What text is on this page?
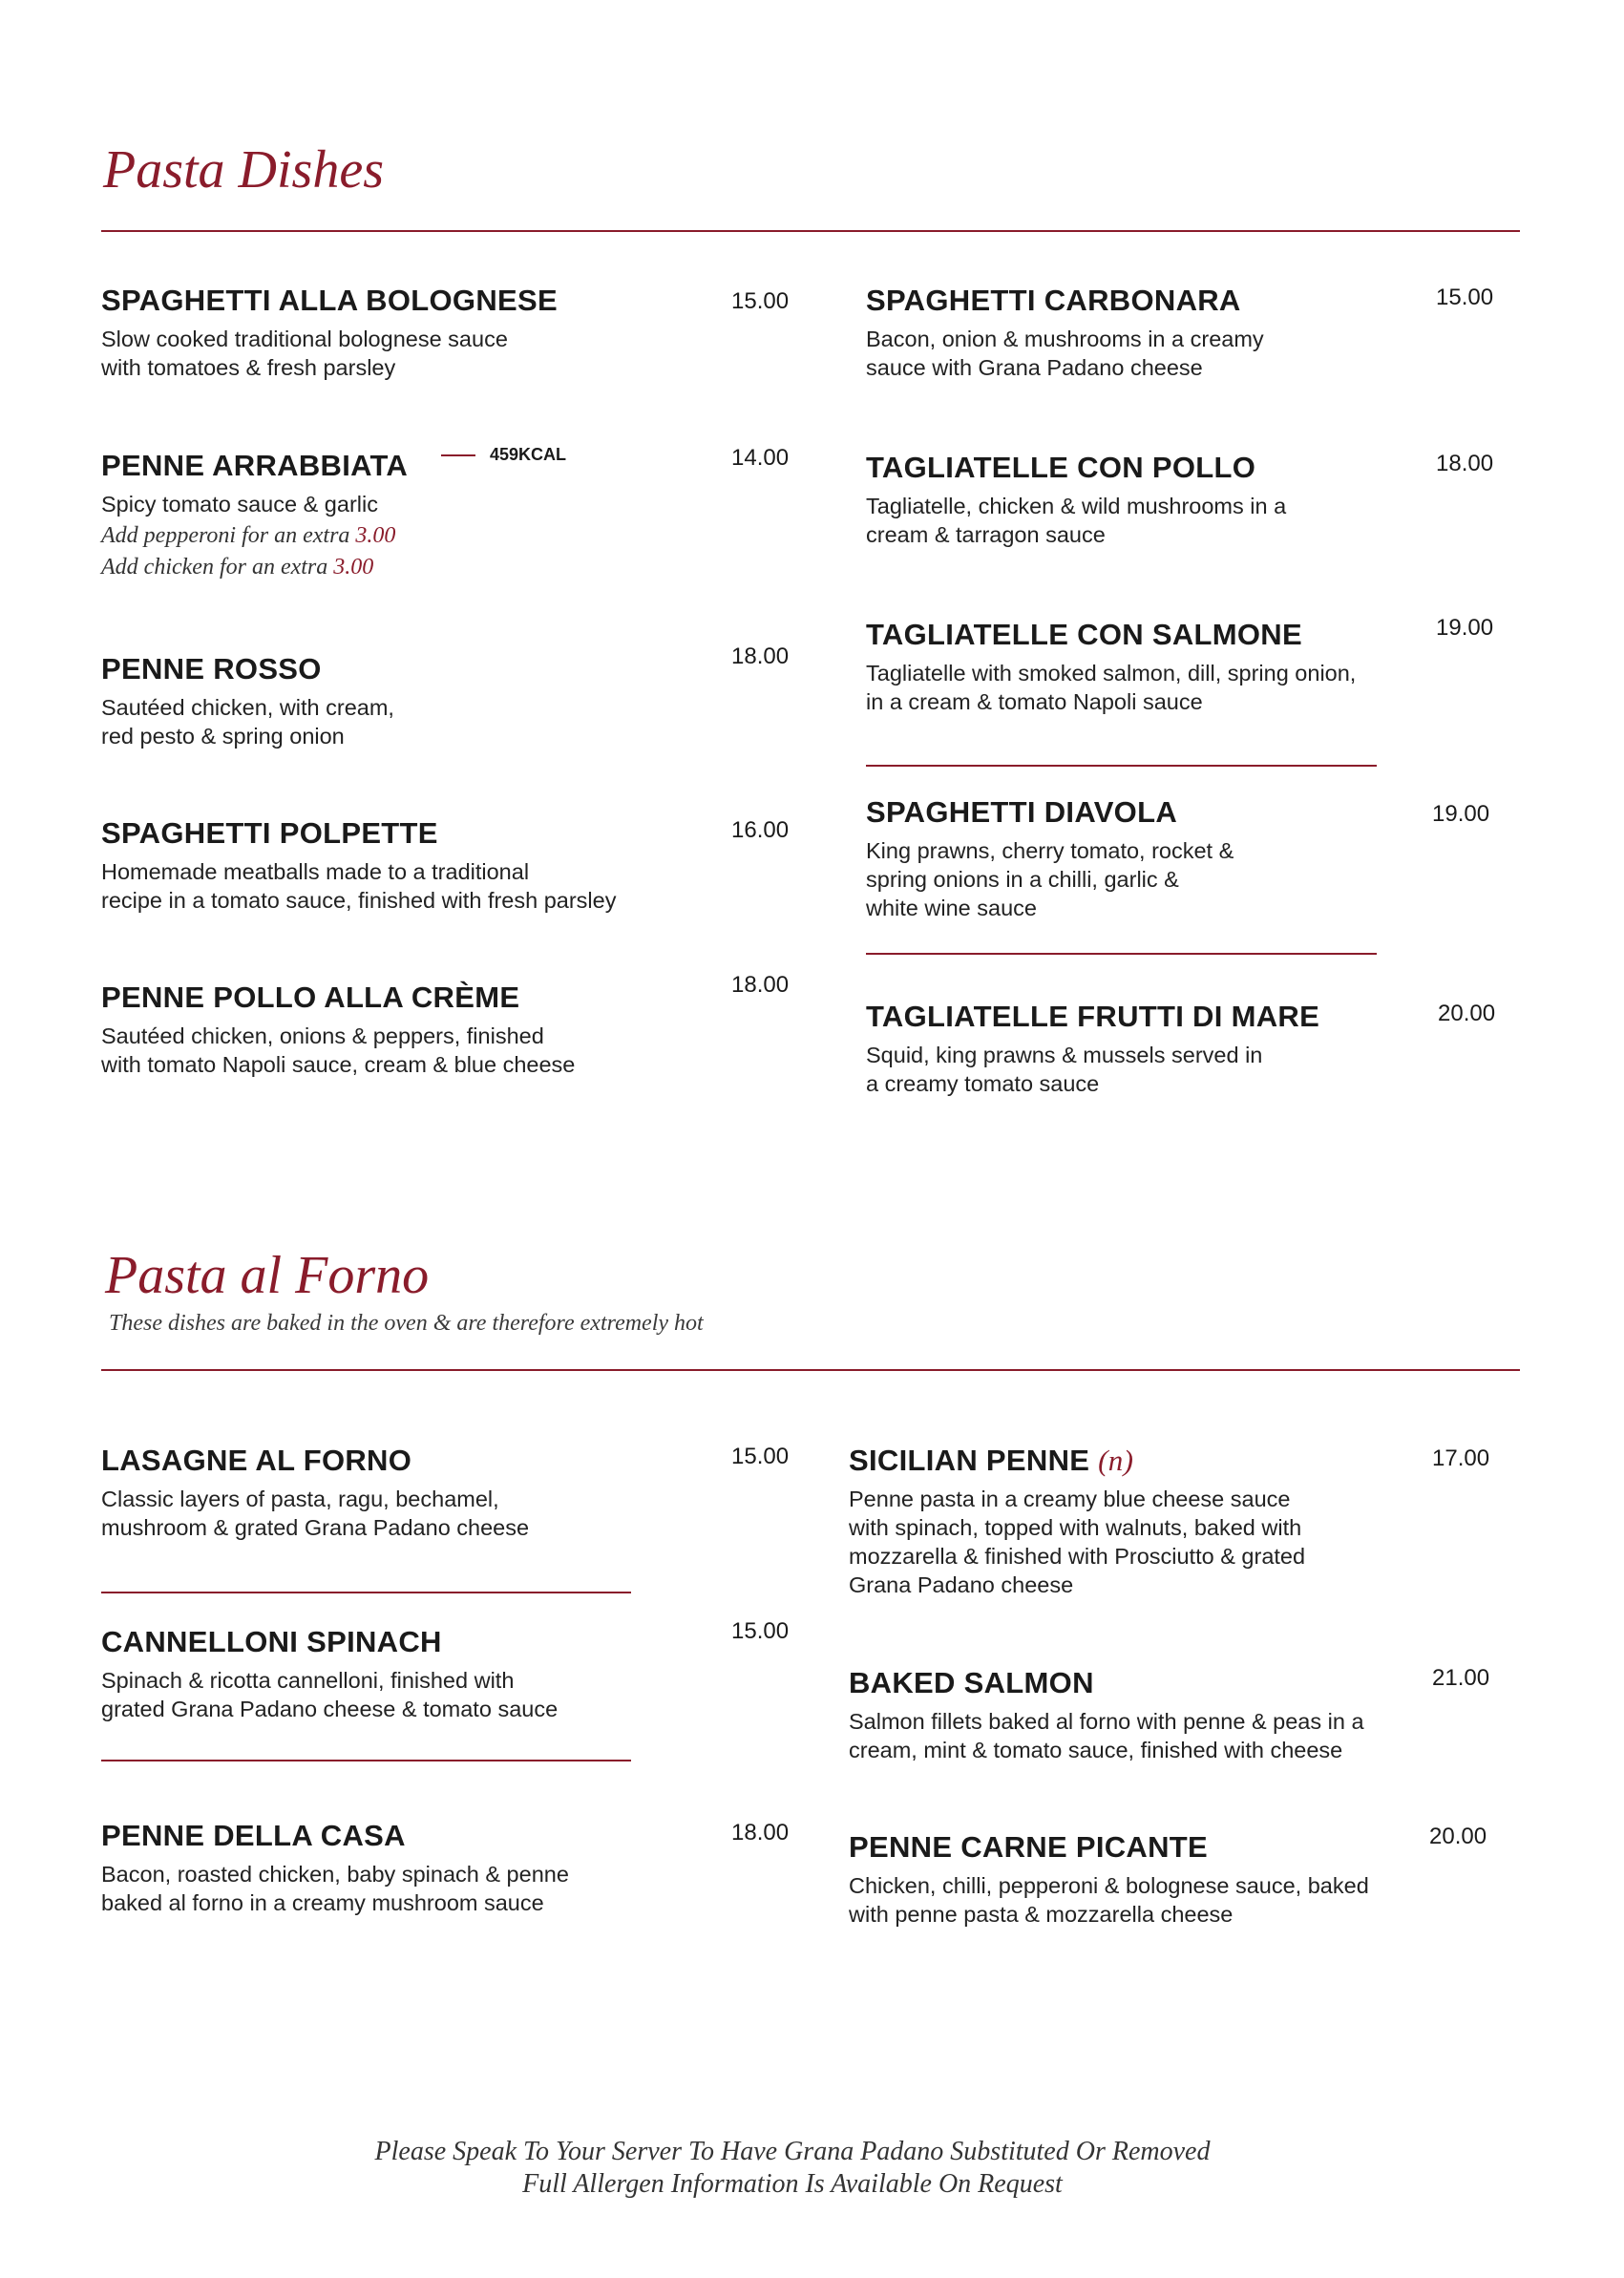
Pasta Dishes
SPAGHETTI ALLA BOLOGNESE
Slow cooked traditional bolognese sauce
with tomatoes & fresh parsley
15.00
PENNE ARRABBIATA
Spicy tomato sauce & garlic
Add pepperoni for an extra 3.00
Add chicken for an extra 3.00
459KCAL	14.00
PENNE ROSSO
Sautéed chicken, with cream,
red pesto & spring onion
18.00
SPAGHETTI POLPETTE
Homemade meatballs made to a traditional
recipe in a tomato sauce, finished with fresh parsley
16.00
PENNE POLLO ALLA CRÈME
Sautéed chicken, onions & peppers, finished
with tomato Napoli sauce, cream & blue cheese
18.00
SPAGHETTI CARBONARA
Bacon, onion & mushrooms in a creamy
sauce with Grana Padano cheese
15.00
TAGLIATELLE CON POLLO
Tagliatelle, chicken & wild mushrooms in a
cream & tarragon sauce
18.00
TAGLIATELLE CON SALMONE
Tagliatelle with smoked salmon, dill, spring onion,
in a cream & tomato Napoli sauce
19.00
SPAGHETTI DIAVOLA
King prawns, cherry tomato, rocket &
spring onions in a chilli, garlic &
white wine sauce
19.00
TAGLIATELLE FRUTTI DI MARE
Squid, king prawns & mussels served in
a creamy tomato sauce
20.00
Pasta al Forno
These dishes are baked in the oven & are therefore extremely hot
LASAGNE AL FORNO
Classic layers of pasta, ragu, bechamel,
mushroom & grated Grana Padano cheese
15.00
CANNELLONI SPINACH
Spinach & ricotta cannelloni, finished with
grated Grana Padano cheese & tomato sauce
15.00
PENNE DELLA CASA
Bacon, roasted chicken, baby spinach & penne
baked al forno in a creamy mushroom sauce
18.00
SICILIAN PENNE (n)
Penne pasta in a creamy blue cheese sauce
with spinach, topped with walnuts, baked with
mozzarella & finished with Prosciutto & grated
Grana Padano cheese
17.00
BAKED SALMON
Salmon fillets baked al forno with penne & peas in a
cream, mint & tomato sauce, finished with cheese
21.00
PENNE CARNE PICANTE
Chicken, chilli, pepperoni & bolognese sauce, baked
with penne pasta & mozzarella cheese
20.00
Please Speak To Your Server To Have Grana Padano Substituted Or Removed
Full Allergen Information Is Available On Request
